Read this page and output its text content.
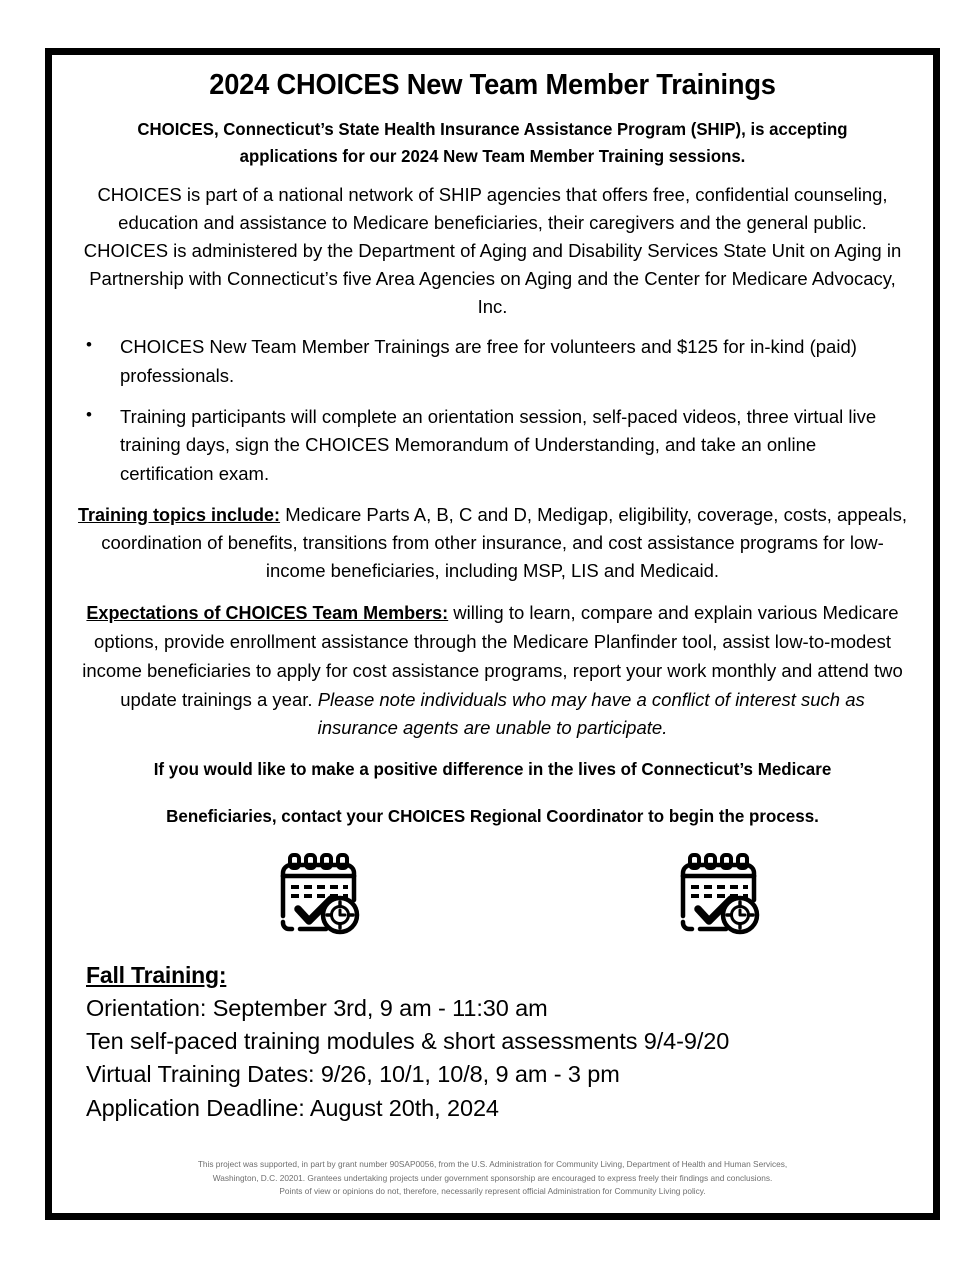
2024 CHOICES New Team Member Trainings

CHOICES, Connecticut’s State Health Insurance Assistance Program (SHIP), is accepting applications for our 2024 New Team Member Training sessions.

CHOICES is part of a national network of SHIP agencies that offers free, confidential counseling, education and assistance to Medicare beneficiaries, their caregivers and the general public. CHOICES is administered by the Department of Aging and Disability Services State Unit on Aging in Partnership with Connecticut’s five Area Agencies on Aging and the Center for Medicare Advocacy, Inc.

• CHOICES New Team Member Trainings are free for volunteers and $125 for in-kind (paid) professionals.
• Training participants will complete an orientation session, self-paced videos, three virtual live training days, sign the CHOICES Memorandum of Understanding, and take an online certification exam.

Training topics include: Medicare Parts A, B, C and D, Medigap, eligibility, coverage, costs, appeals, coordination of benefits, transitions from other insurance, and cost assistance programs for low-income beneficiaries, including MSP, LIS and Medicaid.

Expectations of CHOICES Team Members: willing to learn, compare and explain various Medicare options, provide enrollment assistance through the Medicare Planfinder tool, assist low-to-modest income beneficiaries to apply for cost assistance programs, report your work monthly and attend two update trainings a year. Please note individuals who may have a conflict of interest such as insurance agents are unable to participate.

If you would like to make a positive difference in the lives of Connecticut’s Medicare

Beneficiaries, contact your CHOICES Regional Coordinator to begin the process.

Fall Training:
Orientation: September 3rd, 9 am - 11:30 am
Ten self-paced training modules & short assessments 9/4-9/20
Virtual Training Dates: 9/26, 10/1, 10/8, 9 am - 3 pm
Application Deadline: August 20th, 2024
This project was supported, in part by grant number 90SAP0056, from the U.S. Administration for Community Living, Department of Health and Human Services,
Washington, D.C. 20201. Grantees undertaking projects under government sponsorship are encouraged to express freely their findings and conclusions.
Points of view or opinions do not, therefore, necessarily represent official Administration for Community Living policy.
